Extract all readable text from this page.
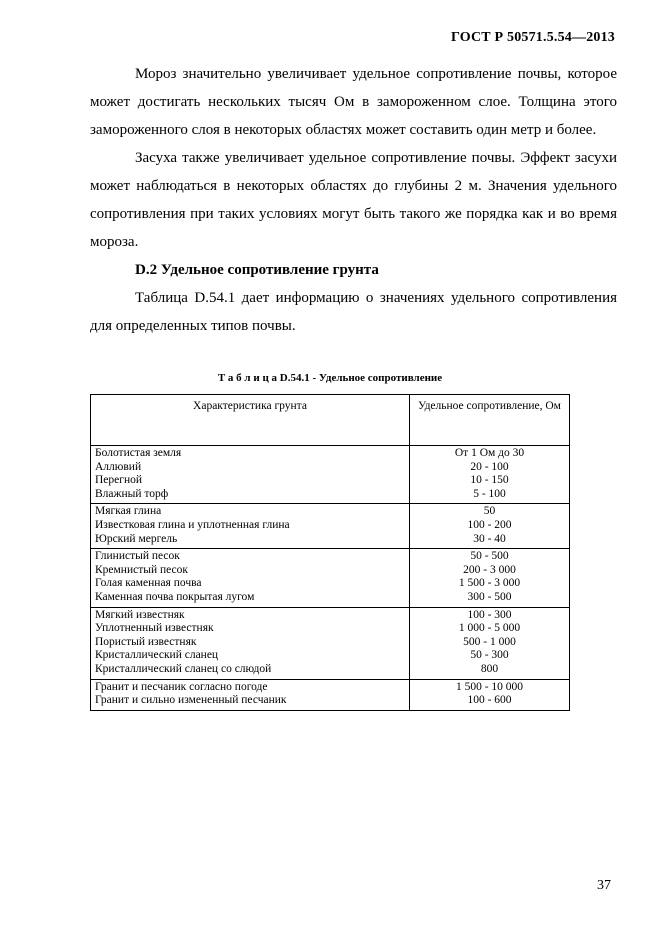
ГОСТ Р 50571.5.54—2013

Мороз значительно увеличивает удельное сопротивление почвы, которое может достигать нескольких тысяч Ом в замороженном слое. Толщина этого замороженного слоя в некоторых областях может составить один метр и более.

Засуха также увеличивает удельное сопротивление почвы. Эффект засухи может наблюдаться в некоторых областях до глубины 2 м. Значения удельного сопротивления при таких условиях могут быть такого же порядка как и во время мороза.

D.2 Удельное сопротивление грунта

Таблица D.54.1 дает информацию о значениях удельного сопротивления для определенных типов почвы.

Т а б л и ц а D.54.1 - Удельное сопротивление
Характеристика грунта	Удельное сопротивление, Ом
Болотистая земля	От 1 Ом до 30
Аллювий	20 - 100
Перегной	10 - 150
Влажный торф	5 - 100
Мягкая глина	50
Известковая глина и уплотненная глина	100 - 200
Юрский мергель	30 - 40
Глинистый песок	50 - 500
Кремнистый песок	200 - 3 000
Голая каменная почва	1 500 - 3 000
Каменная почва покрытая лугом	300 - 500
Мягкий известняк	100 - 300
Уплотненный известняк	1 000 - 5 000
Пористый известняк	500 - 1 000
Кристаллический сланец	50 - 300
Кристаллический сланец со слюдой	800
Гранит и песчаник согласно погоде	1 500 - 10 000
Гранит и сильно измененный песчаник	100 - 600
37
